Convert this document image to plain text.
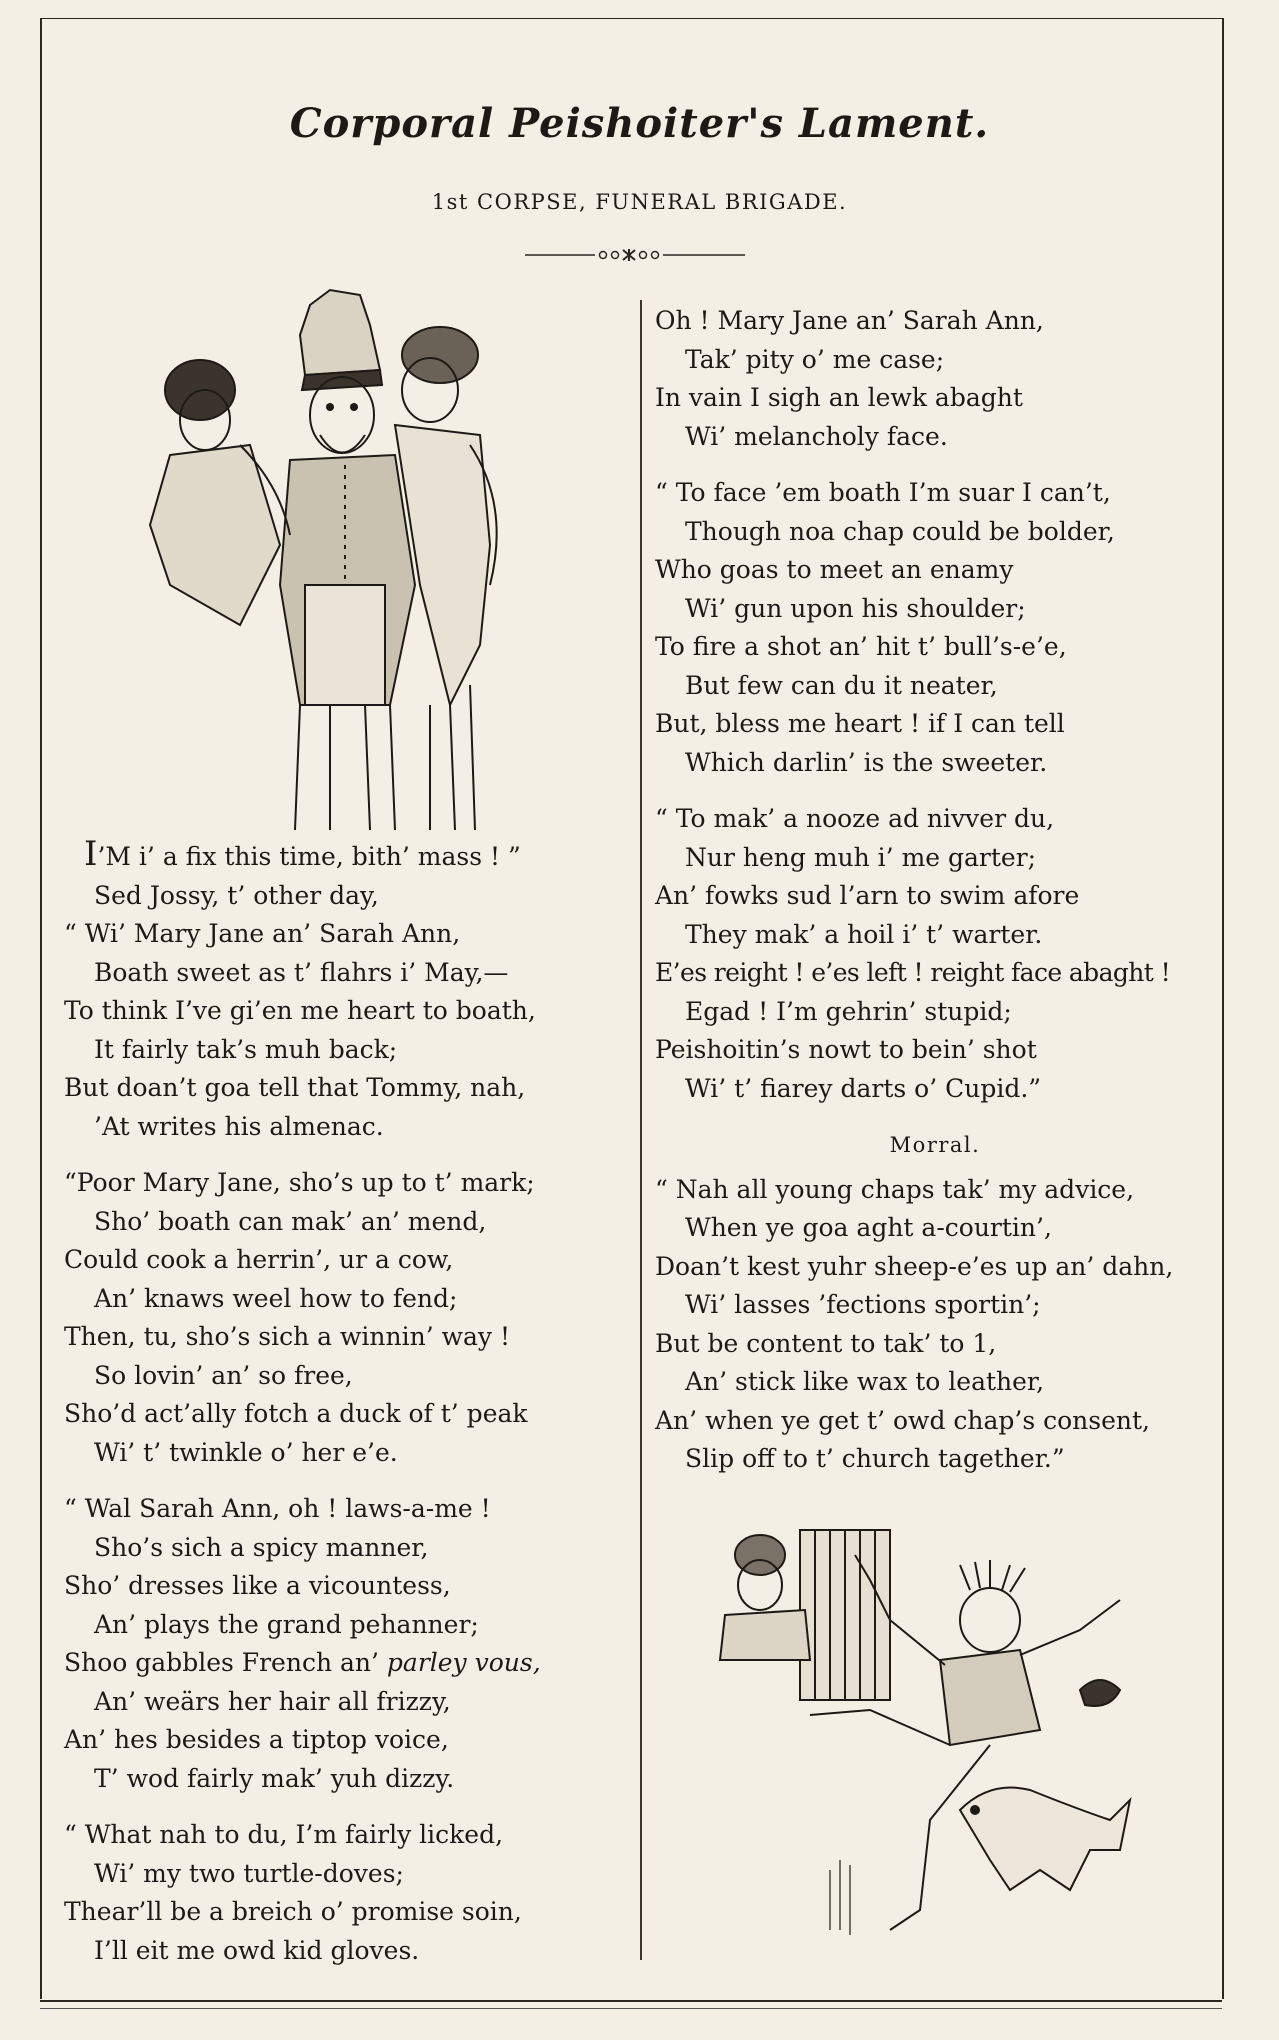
Corporal Peishoiter's Lament.
1st CORPSE, FUNERAL BRIGADE.
I’M i’ a fix this time, bith’ mass ! ”
Sed Jossy, t’ other day,
“ Wi’ Mary Jane an’ Sarah Ann,
Boath sweet as t’ flahrs i’ May,—
To think I’ve gi’en me heart to boath,
It fairly tak’s muh back;
But doan’t goa tell that Tommy, nah,
’At writes his almenac.
“Poor Mary Jane, sho’s up to t’ mark;
Sho’ boath can mak’ an’ mend,
Could cook a herrin’, ur a cow,
An’ knaws weel how to fend;
Then, tu, sho’s sich a winnin’ way !
So lovin’ an’ so free,
Sho’d act’ally fotch a duck of t’ peak
Wi’ t’ twinkle o’ her e’e.
“ Wal Sarah Ann, oh ! laws-a-me !
Sho’s sich a spicy manner,
Sho’ dresses like a vicountess,
An’ plays the grand pehanner;
Shoo gabbles French an’ parley vous,
An’ weärs her hair all frizzy,
An’ hes besides a tiptop voice,
T’ wod fairly mak’ yuh dizzy.
“ What nah to du, I’m fairly licked,
Wi’ my two turtle-doves;
Thear’ll be a breich o’ promise soin,
I’ll eit me owd kid gloves.
Oh ! Mary Jane an’ Sarah Ann,
Tak’ pity o’ me case;
In vain I sigh an lewk abaght
Wi’ melancholy face.
“ To face ’em boath I’m suar I can’t,
Though noa chap could be bolder,
Who goas to meet an enamy
Wi’ gun upon his shoulder;
To fire a shot an’ hit t’ bull’s-e’e,
But few can du it neater,
But, bless me heart ! if I can tell
Which darlin’ is the sweeter.
“ To mak’ a nooze ad nivver du,
Nur heng muh i’ me garter;
An’ fowks sud l’arn to swim afore
They mak’ a hoil i’ t’ warter.
E’es reight ! e’es left ! reight face abaght !
Egad ! I’m gehrin’ stupid;
Peishoitin’s nowt to bein’ shot
Wi’ t’ fiarey darts o’ Cupid.”
Morral.
“ Nah all young chaps tak’ my advice,
When ye goa aght a-courtin’,
Doan’t kest yuhr sheep-e’es up an’ dahn,
Wi’ lasses ’fections sportin’;
But be content to tak’ to 1,
An’ stick like wax to leather,
An’ when ye get t’ owd chap’s consent,
Slip off to t’ church tagether.”
